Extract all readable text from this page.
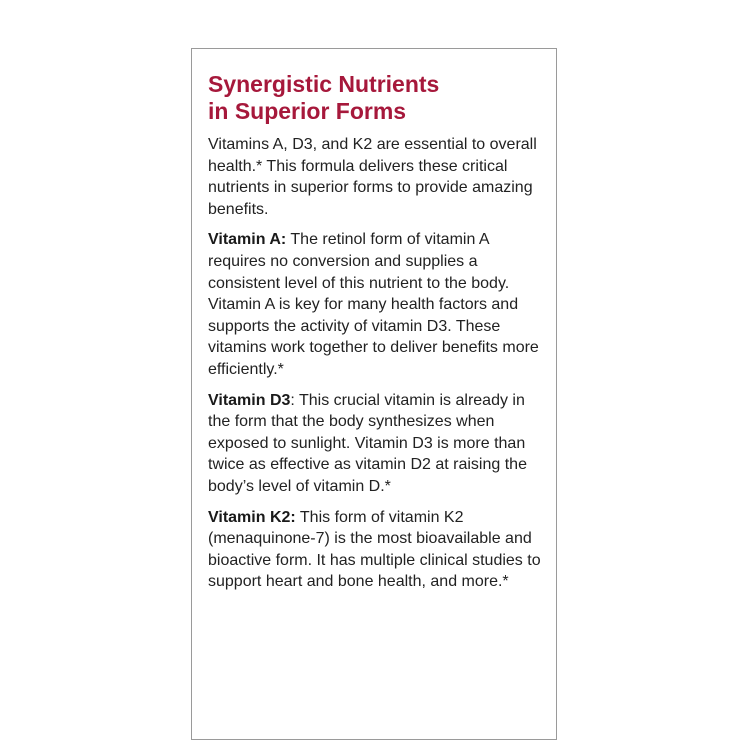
Synergistic Nutrients
in Superior Forms

Vitamins A, D3, and K2 are essential to overall health.* This formula delivers these critical nutrients in superior forms to provide amazing benefits.

Vitamin A: The retinol form of vitamin A requires no conversion and supplies a consistent level of this nutrient to the body. Vitamin A is key for many health factors and supports the activity of vitamin D3. These vitamins work together to deliver benefits more efficiently.*

Vitamin D3: This crucial vitamin is already in the form that the body synthesizes when exposed to sunlight. Vitamin D3 is more than twice as effective as vitamin D2 at raising the body’s level of vitamin D.*

Vitamin K2: This form of vitamin K2 (menaquinone-7) is the most bioavailable and bioactive form. It has multiple clinical studies to support heart and bone health, and more.*
